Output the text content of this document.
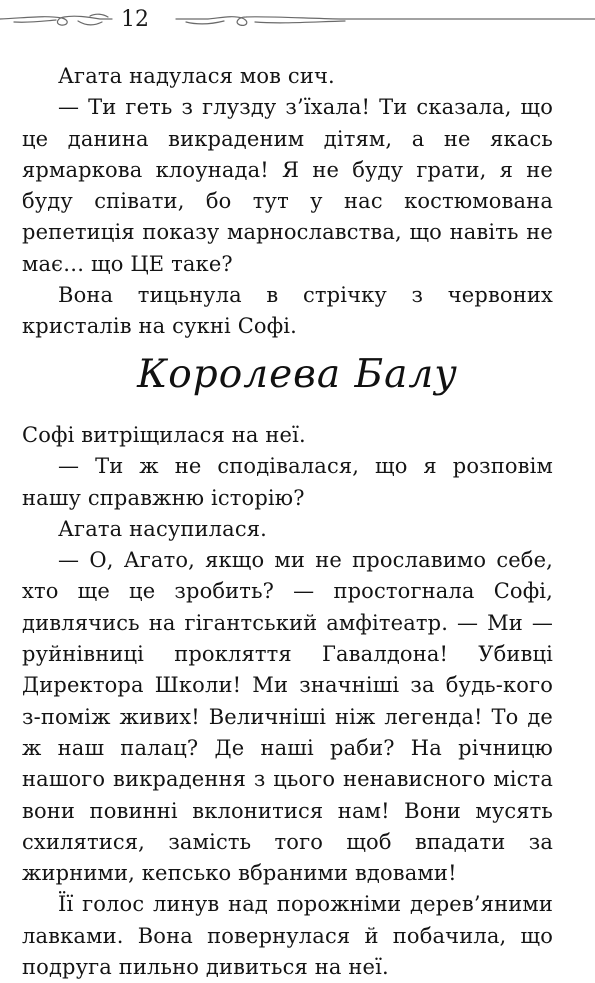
12

Агата надулася мов сич.

— Ти геть з глузду з’їхала! Ти сказала, що це данина викраденим дітям, а не якась ярмаркова клоунада! Я не буду грати, я не буду співати, бо тут у нас костюмована репетиція показу марнославства, що навіть не має… що ЦЕ таке?

Вона тицьнула в стрічку з червоних кристалів на сукні Софі.

Королева Балу

Софі витріщилася на неї.

— Ти ж не сподівалася, що я розповім нашу справжню історію?

Агата насупилася.

— О, Агато, якщо ми не прославимо себе, хто ще це зробить? — простогнала Софі, дивлячись на гігантський амфітеатр. — Ми — руйнівниці прокляття Гавалдона! Убивці Директора Школи! Ми значніші за будь-кого з-поміж живих! Величніші ніж легенда! То де ж наш палац? Де наші раби? На річницю нашого викрадення з цього ненависного міста вони повинні вклонитися нам! Вони мусять схилятися, замість того щоб впадати за жирними, кепсько вбраними вдовами!

Її голос линув над порожніми дерев’яними лавками. Вона повернулася й побачила, що подруга пильно дивиться на неї.
